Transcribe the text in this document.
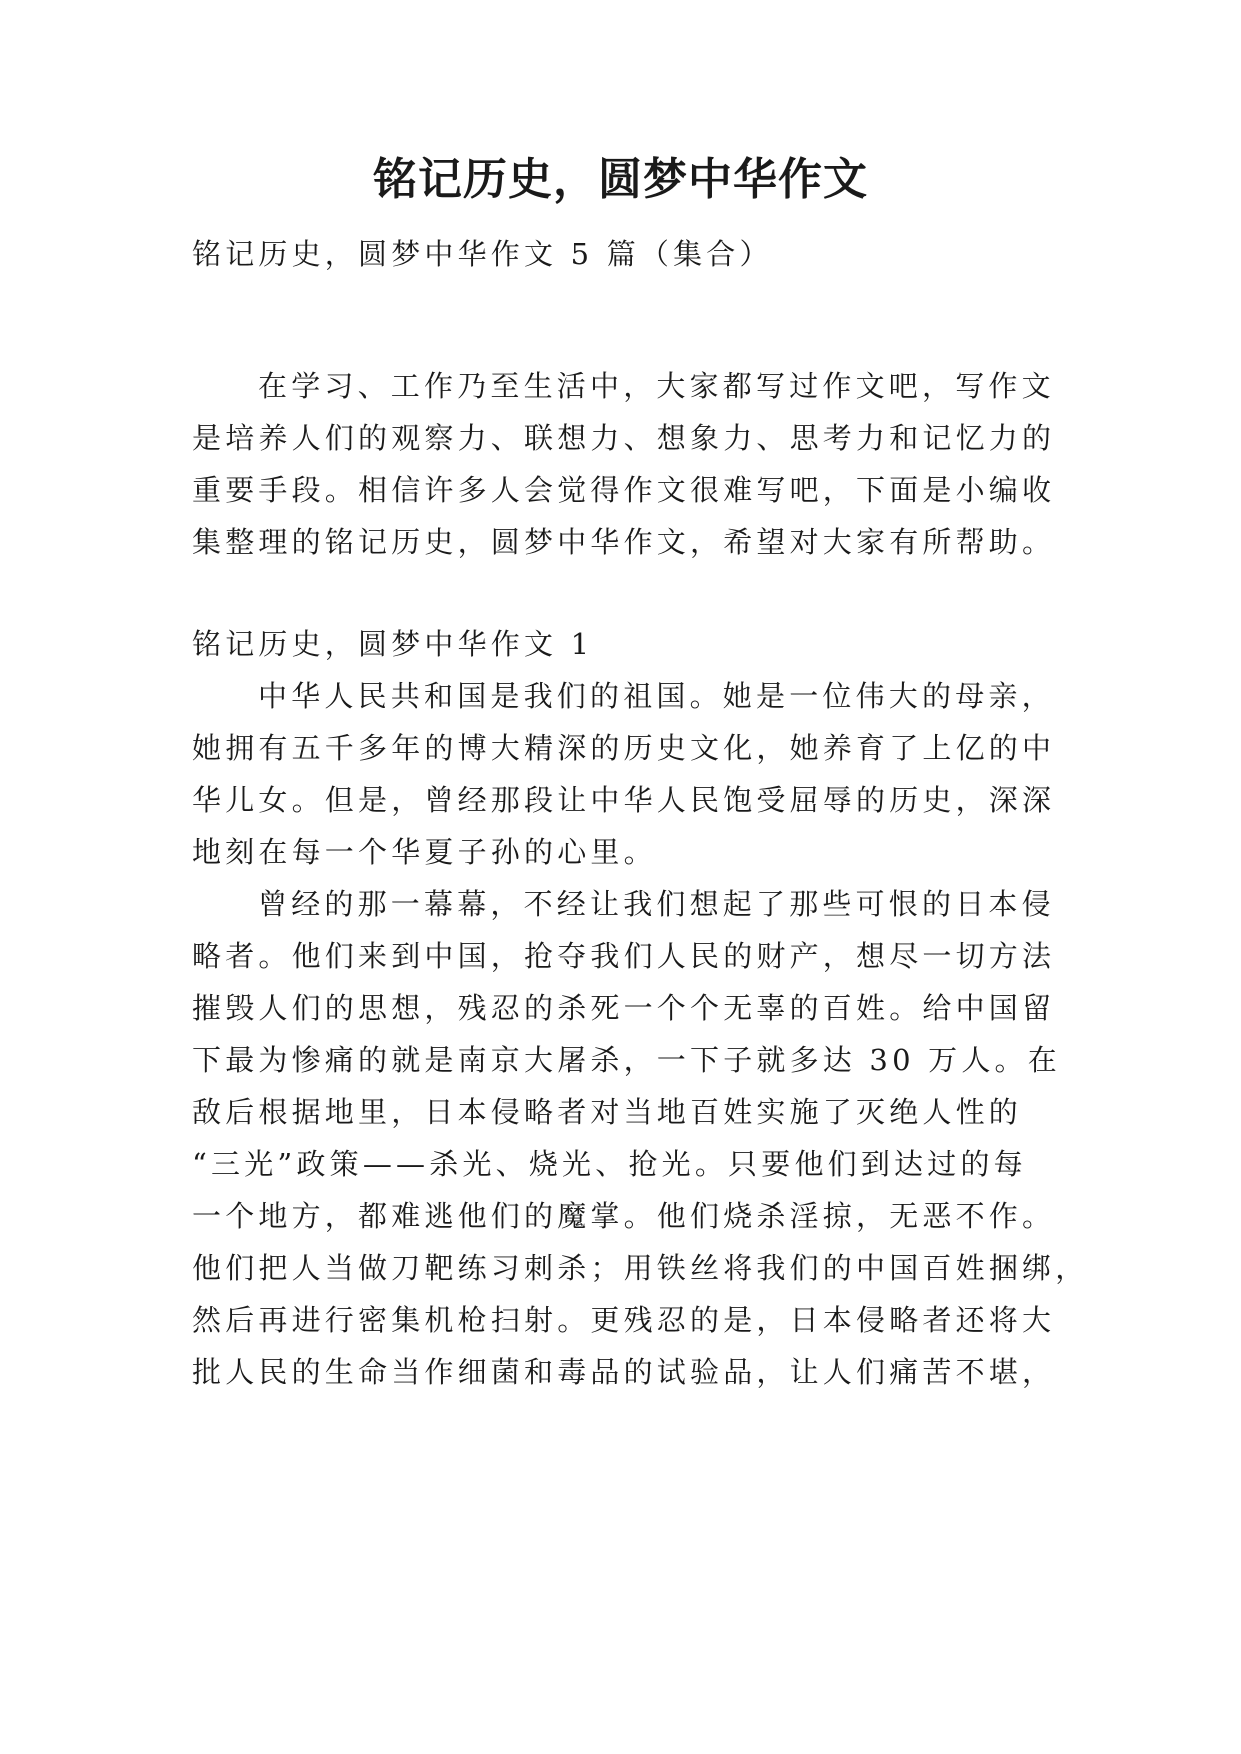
铭记历史，圆梦中华作文
铭记历史，圆梦中华作文 5 篇（集合）
在学习、工作乃至生活中，大家都写过作文吧，写作文
是培养人们的观察力、联想力、想象力、思考力和记忆力的
重要手段。相信许多人会觉得作文很难写吧，下面是小编收
集整理的铭记历史，圆梦中华作文，希望对大家有所帮助。
铭记历史，圆梦中华作文 1
中华人民共和国是我们的祖国。她是一位伟大的母亲，
她拥有五千多年的博大精深的历史文化，她养育了上亿的中
华儿女。但是，曾经那段让中华人民饱受屈辱的历史，深深
地刻在每一个华夏子孙的心里。
曾经的那一幕幕，不经让我们想起了那些可恨的日本侵
略者。他们来到中国，抢夺我们人民的财产，想尽一切方法
摧毁人们的思想，残忍的杀死一个个无辜的百姓。给中国留
下最为惨痛的就是南京大屠杀，一下子就多达 30 万人。在
敌后根据地里，日本侵略者对当地百姓实施了灭绝人性的
“三光”政策——杀光、烧光、抢光。只要他们到达过的每
一个地方，都难逃他们的魔掌。他们烧杀淫掠，无恶不作。
他们把人当做刀靶练习刺杀；用铁丝将我们的中国百姓捆绑，
然后再进行密集机枪扫射。更残忍的是，日本侵略者还将大
批人民的生命当作细菌和毒品的试验品，让人们痛苦不堪，
